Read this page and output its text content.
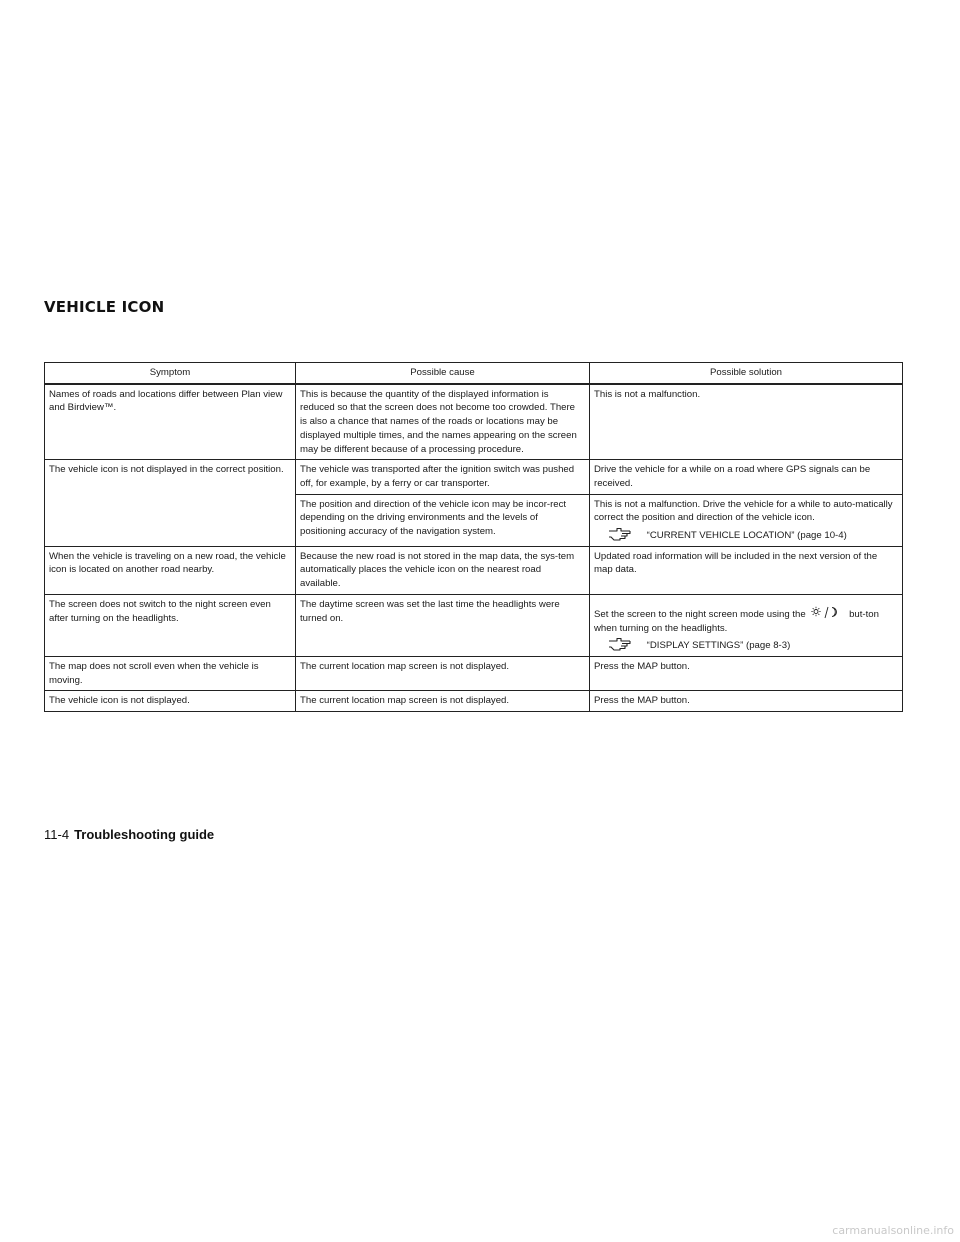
VEHICLE ICON
Symptom	Possible cause	Possible solution
Names of roads and locations differ between Plan view and Birdview™.	This is because the quantity of the displayed information is reduced so that the screen does not become too crowded. There is also a chance that names of the roads or locations may be displayed multiple times, and the names appearing on the screen may be different because of a processing procedure.	This is not a malfunction.
The vehicle icon is not displayed in the correct position.	The vehicle was transported after the ignition switch was pushed off, for example, by a ferry or car transporter.	Drive the vehicle for a while on a road where GPS signals can be received.
	The position and direction of the vehicle icon may be incor-rect depending on the driving environments and the levels of positioning accuracy of the navigation system.	This is not a malfunction. Drive the vehicle for a while to auto-matically correct the position and direction of the vehicle icon.
“CURRENT VEHICLE LOCATION” (page 10-4)

When the vehicle is traveling on a new road, the vehicle icon is located on another road nearby.	Because the new road is not stored in the map data, the sys-tem automatically places the vehicle icon on the nearest road available.	Updated road information will be included in the next version of the map data.
The screen does not switch to the night screen even after turning on the headlights.	The daytime screen was set the last time the headlights were turned on.	Set the screen to the night screen mode using the but-ton when turning on the headlights.
“DISPLAY SETTINGS” (page 8-3)

The map does not scroll even when the vehicle is moving.	The current location map screen is not displayed.	Press the MAP button.
The vehicle icon is not displayed.	The current location map screen is not displayed.	Press the MAP button.

11-4 Troubleshooting guide

carmanualsonline.info
